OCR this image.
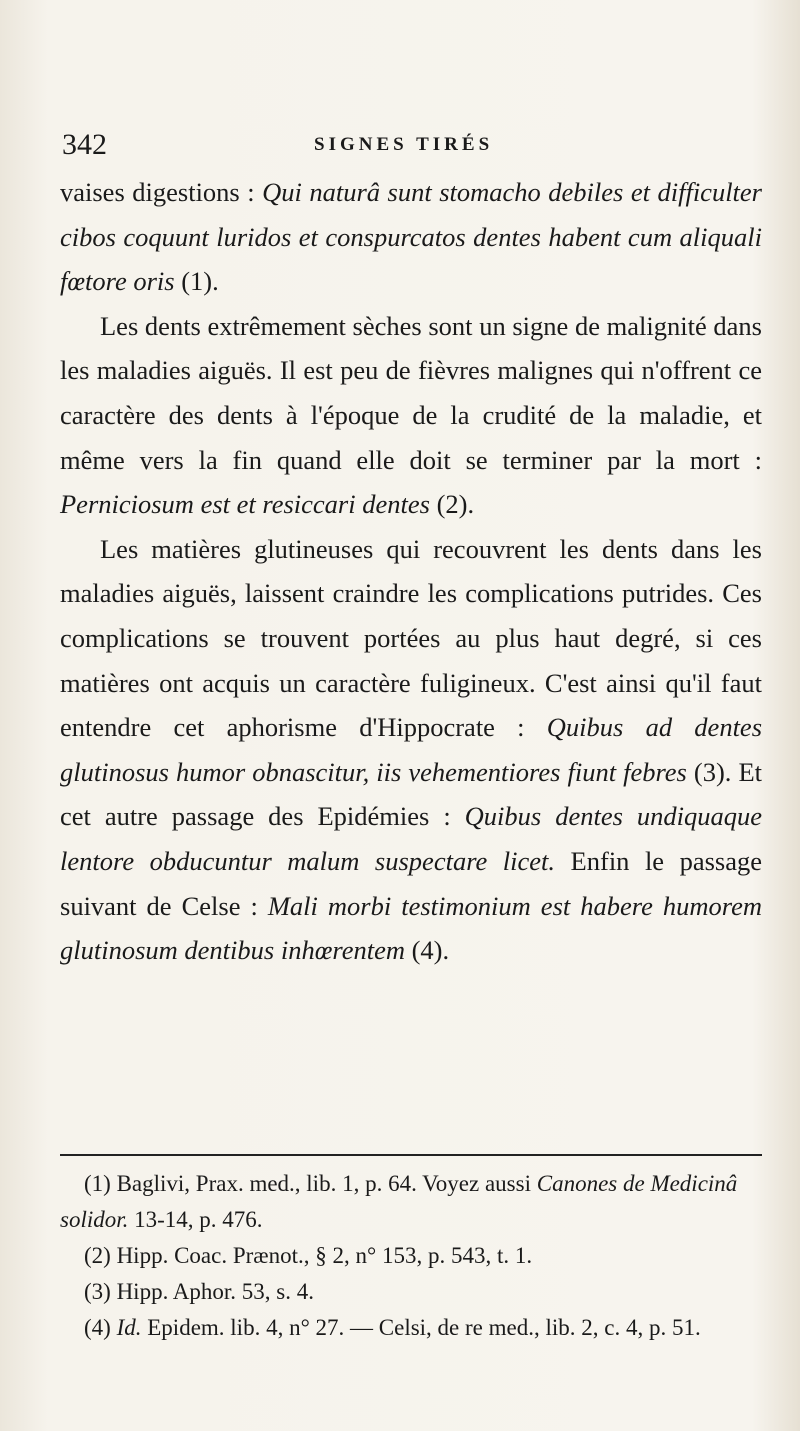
342	SIGNES TIRÉS

vaises digestions : Qui naturâ sunt stomacho debiles et difficulter cibos coquunt luridos et conspurcatos dentes habent cum aliquali fœtore oris (1).

Les dents extrêmement sèches sont un signe de malignité dans les maladies aiguës. Il est peu de fièvres malignes qui n'offrent ce caractère des dents à l'époque de la crudité de la maladie, et même vers la fin quand elle doit se terminer par la mort : Perniciosum est et resiccari dentes (2).

Les matières glutineuses qui recouvrent les dents dans les maladies aiguës, laissent craindre les complications putrides. Ces complications se trouvent portées au plus haut degré, si ces matières ont acquis un caractère fuligineux. C'est ainsi qu'il faut entendre cet aphorisme d'Hippocrate : Quibus ad dentes glutinosus humor obnascitur, iis vehementiores fiunt febres (3). Et cet autre passage des Epidémies : Quibus dentes undiquaque lentore obducuntur malum suspectare licet. Enfin le passage suivant de Celse : Mali morbi testimonium est habere humorem glutinosum dentibus inhœrentem (4).

(1) Baglivi, Prax. med., lib. 1, p. 64. Voyez aussi Canones de Medicinâ solidor. 13-14, p. 476.

(2) Hipp. Coac. Prænot., § 2, n° 153, p. 543, t. 1.

(3) Hipp. Aphor. 53, s. 4.

(4) Id. Epidem. lib. 4, n° 27. — Celsi, de re med., lib. 2, c. 4, p. 51.
